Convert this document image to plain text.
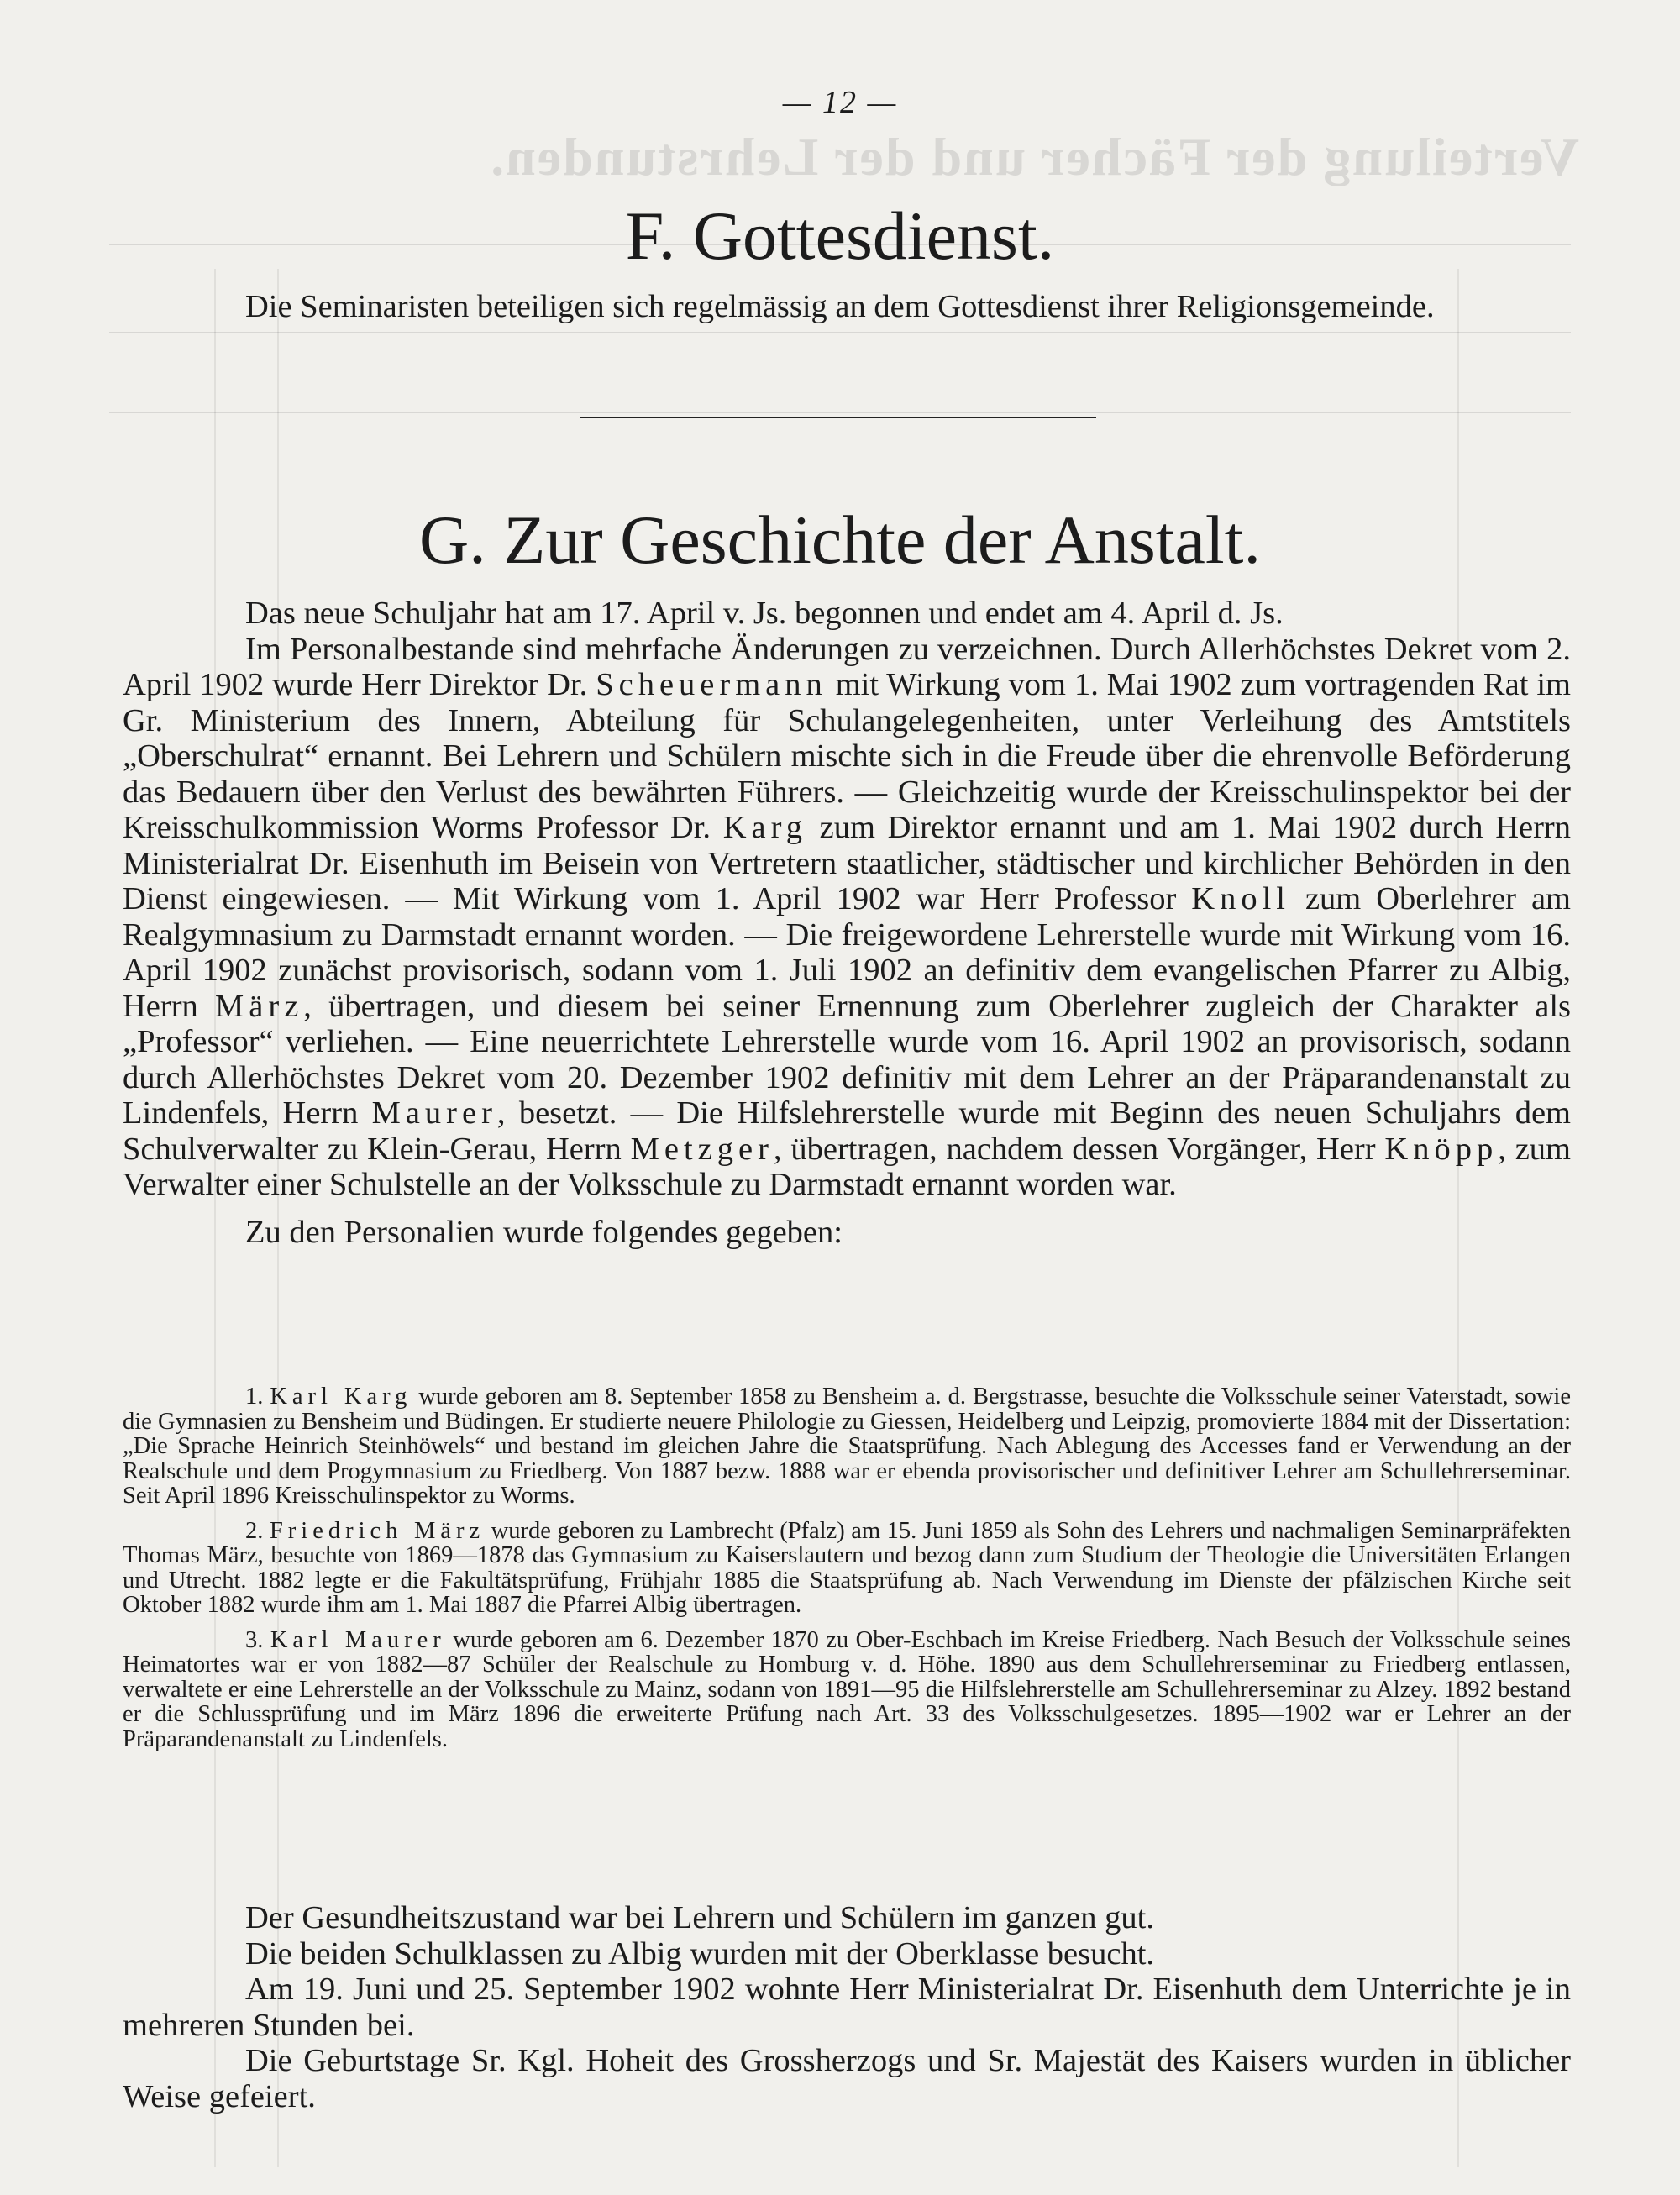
Verteilung der Fächer und der Lehrstunden.
— 12 —
F. Gottesdienst.

Die Seminaristen beteiligen sich regelmässig an dem Gottesdienst ihrer Religionsgemeinde.

G. Zur Geschichte der Anstalt.

Das neue Schuljahr hat am 17. April v. Js. begonnen und endet am 4. April d. Js.

Im Personalbestande sind mehrfache Änderungen zu verzeichnen. Durch Allerhöchstes Dekret vom 2. April 1902 wurde Herr Direktor Dr. Scheuermann mit Wirkung vom 1. Mai 1902 zum vortragenden Rat im Gr. Ministerium des Innern, Abteilung für Schulangelegenheiten, unter Verleihung des Amtstitels „Oberschulrat“ ernannt. Bei Lehrern und Schülern mischte sich in die Freude über die ehrenvolle Beförderung das Bedauern über den Verlust des bewährten Führers. — Gleichzeitig wurde der Kreisschulinspektor bei der Kreisschulkommission Worms Professor Dr. Karg zum Direktor ernannt und am 1. Mai 1902 durch Herrn Ministerialrat Dr. Eisenhuth im Beisein von Vertretern staatlicher, städtischer und kirchlicher Behörden in den Dienst eingewiesen. — Mit Wirkung vom 1. April 1902 war Herr Professor Knoll zum Oberlehrer am Realgymnasium zu Darmstadt ernannt worden. — Die freigewordene Lehrerstelle wurde mit Wirkung vom 16. April 1902 zunächst provisorisch, sodann vom 1. Juli 1902 an definitiv dem evangelischen Pfarrer zu Albig, Herrn März, übertragen, und diesem bei seiner Ernennung zum Oberlehrer zugleich der Charakter als „Professor“ verliehen. — Eine neuerrichtete Lehrerstelle wurde vom 16. April 1902 an provisorisch, sodann durch Allerhöchstes Dekret vom 20. Dezember 1902 definitiv mit dem Lehrer an der Präparandenanstalt zu Lindenfels, Herrn Maurer, besetzt. — Die Hilfslehrerstelle wurde mit Beginn des neuen Schuljahrs dem Schulverwalter zu Klein-Gerau, Herrn Metzger, übertragen, nachdem dessen Vorgänger, Herr Knöpp, zum Verwalter einer Schulstelle an der Volksschule zu Darmstadt ernannt worden war.

Zu den Personalien wurde folgendes gegeben:

1. Karl Karg wurde geboren am 8. September 1858 zu Bensheim a. d. Bergstrasse, besuchte die Volksschule seiner Vaterstadt, sowie die Gymnasien zu Bensheim und Büdingen. Er studierte neuere Philologie zu Giessen, Heidelberg und Leipzig, promovierte 1884 mit der Dissertation: „Die Sprache Heinrich Steinhöwels“ und bestand im gleichen Jahre die Staatsprüfung. Nach Ablegung des Accesses fand er Verwendung an der Realschule und dem Progymnasium zu Friedberg. Von 1887 bezw. 1888 war er ebenda provisorischer und definitiver Lehrer am Schullehrerseminar. Seit April 1896 Kreisschulinspektor zu Worms.

2. Friedrich März wurde geboren zu Lambrecht (Pfalz) am 15. Juni 1859 als Sohn des Lehrers und nachmaligen Seminarpräfekten Thomas März, besuchte von 1869—1878 das Gymnasium zu Kaiserslautern und bezog dann zum Studium der Theologie die Universitäten Erlangen und Utrecht. 1882 legte er die Fakultätsprüfung, Frühjahr 1885 die Staatsprüfung ab. Nach Verwendung im Dienste der pfälzischen Kirche seit Oktober 1882 wurde ihm am 1. Mai 1887 die Pfarrei Albig übertragen.

3. Karl Maurer wurde geboren am 6. Dezember 1870 zu Ober-Eschbach im Kreise Friedberg. Nach Besuch der Volksschule seines Heimatortes war er von 1882—87 Schüler der Realschule zu Homburg v. d. Höhe. 1890 aus dem Schullehrerseminar zu Friedberg entlassen, verwaltete er eine Lehrerstelle an der Volksschule zu Mainz, sodann von 1891—95 die Hilfslehrerstelle am Schullehrerseminar zu Alzey. 1892 bestand er die Schlussprüfung und im März 1896 die erweiterte Prüfung nach Art. 33 des Volksschulgesetzes. 1895—1902 war er Lehrer an der Präparandenanstalt zu Lindenfels.

Der Gesundheitszustand war bei Lehrern und Schülern im ganzen gut.

Die beiden Schulklassen zu Albig wurden mit der Oberklasse besucht.

Am 19. Juni und 25. September 1902 wohnte Herr Ministerialrat Dr. Eisenhuth dem Unterrichte je in mehreren Stunden bei.

Die Geburtstage Sr. Kgl. Hoheit des Grossherzogs und Sr. Majestät des Kaisers wurden in üblicher Weise gefeiert.
